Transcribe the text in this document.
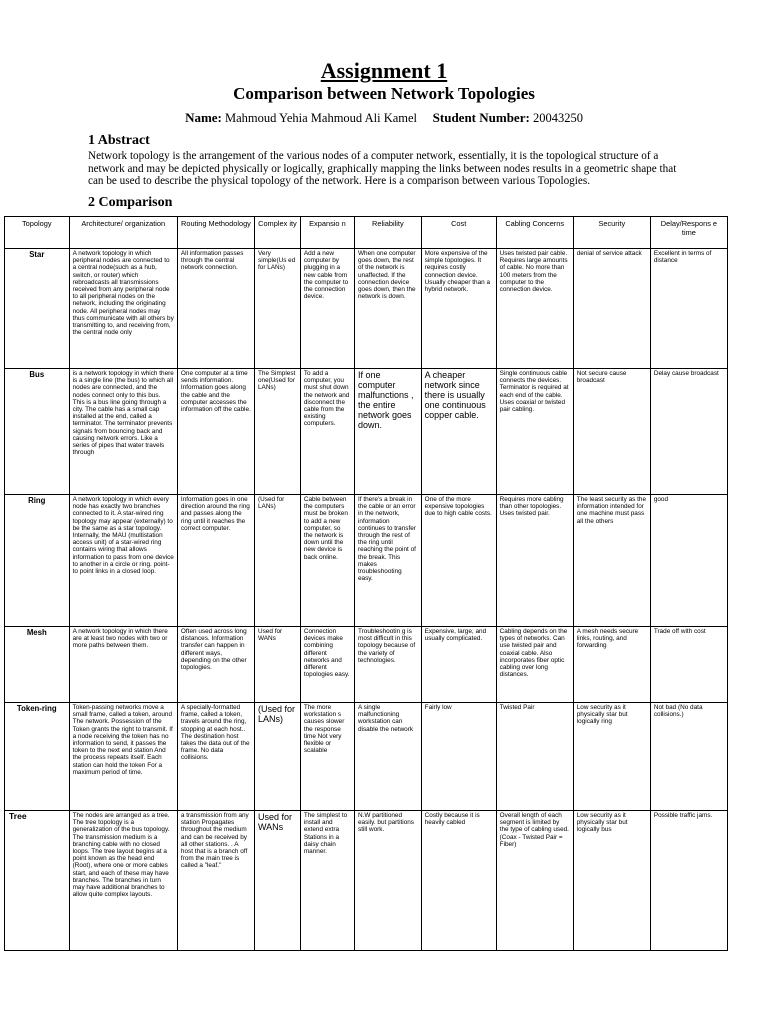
Assignment 1
Comparison between Network Topologies
Name: Mahmoud Yehia Mahmoud Ali Kamel Student Number: 20043250
1 Abstract
Network topology is the arrangement of the various nodes of a computer network, essentially, it is the topological structure of a network and may be depicted physically or logically, graphically mapping the links between nodes results in a geometric shape that can be used to describe the physical topology of the network. Here is a comparison between various Topologies.
2 Comparison
Topology	Architecture/ organization	Routing Methodology	Complex ity	Expansio n	Reliability	Cost	Cabling Concerns	Security	Delay/Respons e time
Star	A network topology in which peripheral nodes are connected to a central node(such as a hub, switch, or router) which rebroadcasts all transmissions received from any peripheral node to all peripheral nodes on the network, including the originating node. All peripheral nodes may thus communicate with all others by transmitting to, and receiving from, the central node only	All information passes through the central network connection.	Very simple(Us ed for LANs)	Add a new computer by plugging in a new cable from the computer to the connection device.	When one computer goes down, the rest of the network is unaffected. If the connection device goes down, then the network is down.	More expensive of the simple topologies. It requires costly connection device. Usually cheaper than a hybrid network.	Uses twisted pair cable. Requires large amounts of cable. No more than 100 meters from the computer to the connection device.	denial of service attack	Excellent in terms of distance
Bus	is a network topology in which there is a single line (the bus) to which all nodes are connected, and the nodes connect only to this bus. This is a bus line going through a city. The cable has a small cap installed at the end, called a terminator. The terminator prevents signals from bouncing back and causing network errors. Like a series of pipes that water travels through	One computer at a time sends information. Information goes along the cable and the computer accesses the information off the cable.	The Simplest one(Used for LANs)	To add a computer, you must shut down the network and disconnect the cable from the existing computers.	If one computer malfunctions , the entire network goes down.	A cheaper network since there is usually one continuous copper cable.	Single continuous cable connects the devices. Terminator is required at each end of the cable. Uses coaxial or twisted pair cabling.	Not secure cause broadcast	Delay cause broadcast
Ring	A network topology in which every node has exactly two branches connected to it. A star-wired ring topology may appear (externally) to be the same as a star topology. Internally, the MAU (multistation access unit) of a star-wired ring contains wiring that allows information to pass from one device to another in a circle or ring. point-to point links in a closed loop.	Information goes in one direction around the ring and passes along the ring until it reaches the correct computer.	(Used for LANs)	Cable between the computers must be broken to add a new computer, so the network is down until the new device is back online.	If there's a break in the cable or an error in the network, information continues to transfer through the rest of the ring until reaching the point of the break. This makes troubleshooting easy.	One of the more expensive topologies due to high cable costs.	Requires more cabling than other topologies. Uses twisted pair.	The least security as the information intended for one machine must pass all the others	good
Mesh	A network topology in which there are at least two nodes with two or more paths between them.	Often used across long distances. Information transfer can happen in different ways, depending on the other topologies.	Used for WANs	Connection devices make combining different networks and different topologies easy.	Troubleshootin g is most difficult in this topology because of the variety of technologies.	Expensive, large, and usually complicated.	Cabling depends on the types of networks. Can use twisted pair and coaxial cable. Also incorporates fiber optic cabling over long distances.	A mesh needs secure links, routing, and forwarding	Trade off with cost
Token-ring	Token-passing networks move a small frame, called a token, around The network. Possession of the Token grants the right to transmit. If a node receiving the token has no information to send, it passes the token to the next end station And the process repeats itself. Each station can hold the token For a maximum period of time.	A specially-formatted frame, called a token, travels around the ring, stopping at each host.. The destination host takes the data out of the frame. No data collisions.	(Used for LANs)	The more workstation s causes slower the response time Not very flexible or scalable	A single malfunctioning workstation can disable the network	Fairly low	Twisted Pair	Low security as it physically star but logically ring	Not bad (No data collisions.)
Tree	The nodes are arranged as a tree. The tree topology is a generalization of the bus topology. The transmission medium is a branching cable with no closed loops. The tree layout begins at a point known as the head end (Root), where one or more cables start, and each of these may have branches. The branches in turn may have additional branches to allow quite complex layouts.	a transmission from any station Propagates throughout the medium and can be received by all other stations. . A host that is a branch off from the main tree is called a "leaf."	Used for WANs	The simplest to install and extend extra Stations in a daisy chain manner.	N.W partitioned easily. but partitions still work.	Costly because it is heavily cabled	Overall length of each segment is limited by the type of cabling used. (Coax - Twisted Pair = Fiber)	Low security as it physically star but logically bus	Possible traffic jams.
